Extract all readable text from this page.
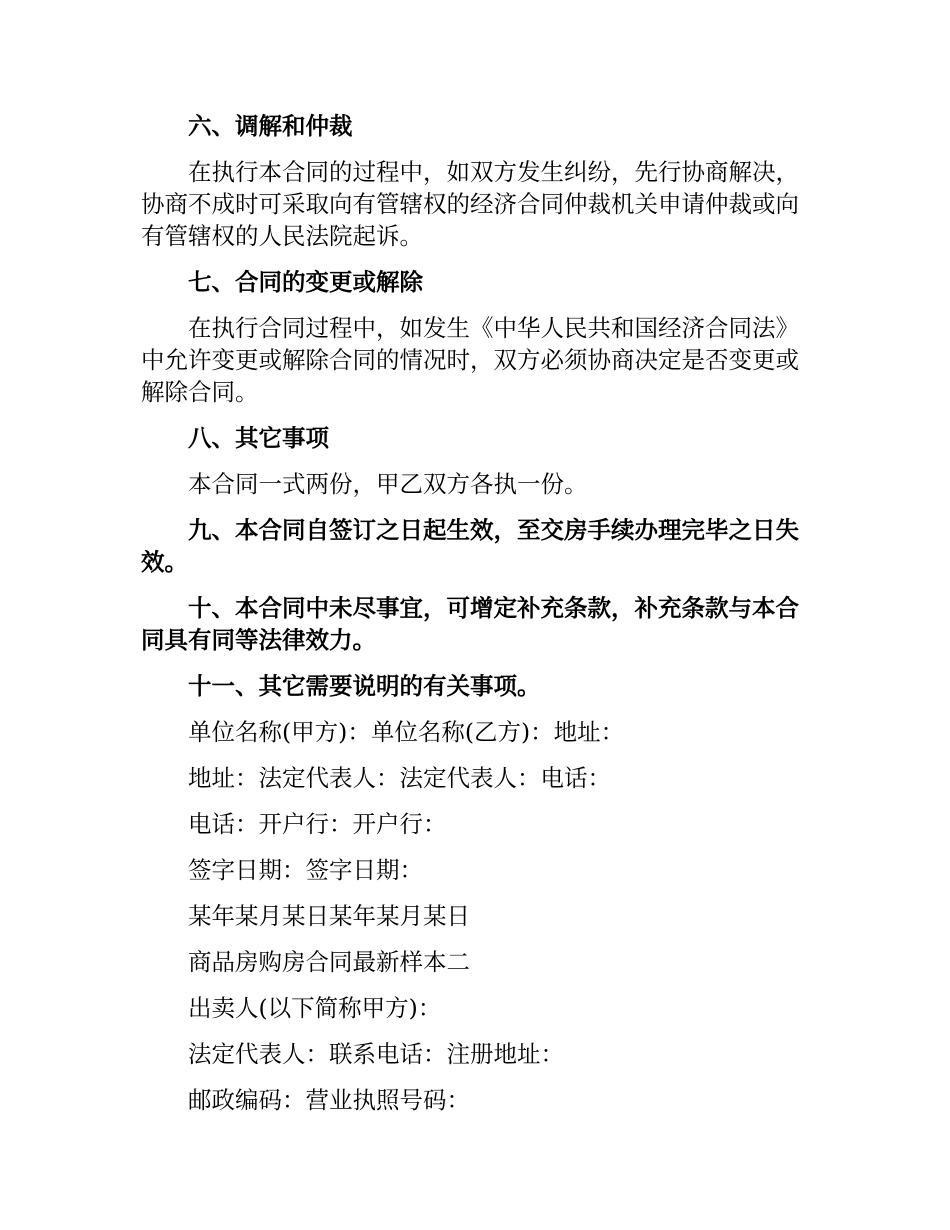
六、调解和仲裁

在执行本合同的过程中，如双方发生纠纷，先行协商解决，协商不成时可采取向有管辖权的经济合同仲裁机关申请仲裁或向有管辖权的人民法院起诉。

七、合同的变更或解除

在执行合同过程中，如发生《中华人民共和国经济合同法》中允许变更或解除合同的情况时，双方必须协商决定是否变更或解除合同。

八、其它事项

本合同一式两份，甲乙双方各执一份。

九、本合同自签订之日起生效，至交房手续办理完毕之日失效。

十、本合同中未尽事宜，可增定补充条款，补充条款与本合同具有同等法律效力。

十一、其它需要说明的有关事项。

单位名称(甲方)：单位名称(乙方)：地址：

地址：法定代表人：法定代表人：电话：

电话：开户行：开户行：

签字日期：签字日期：

某年某月某日某年某月某日

商品房购房合同最新样本二

出卖人(以下简称甲方)：

法定代表人：联系电话：注册地址：

邮政编码：营业执照号码：
